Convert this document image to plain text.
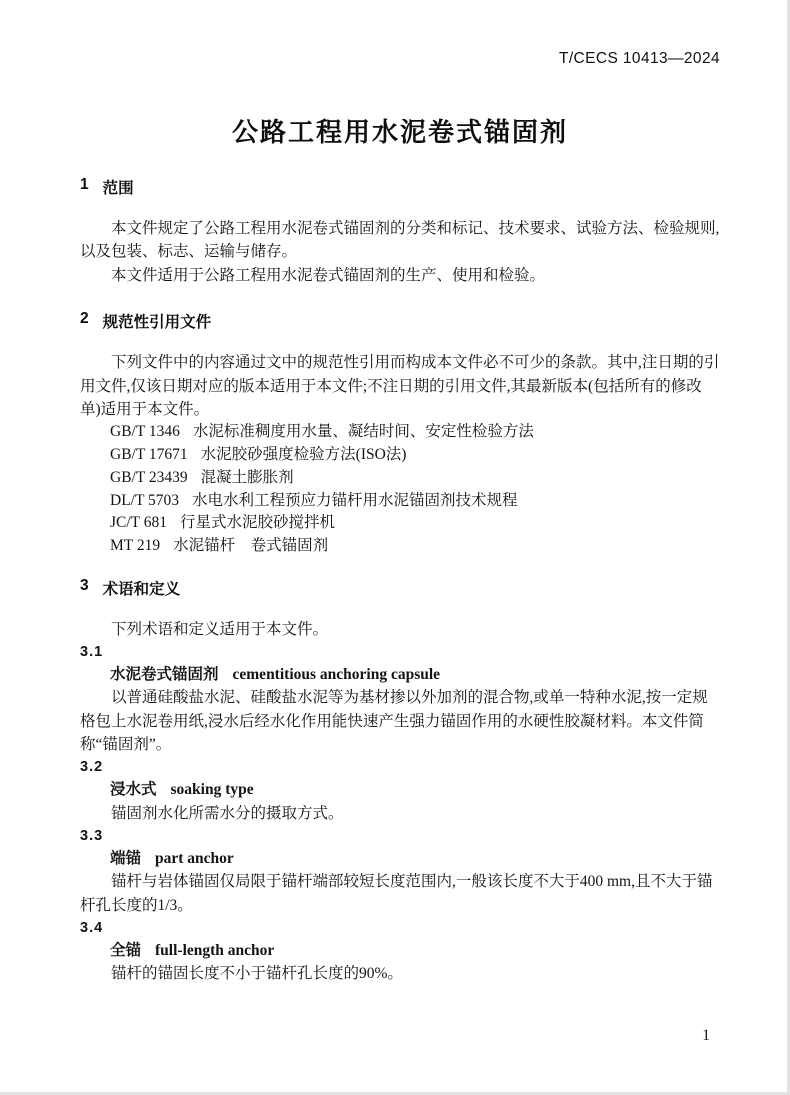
T/CECS 10413—2024
公路工程用水泥卷式锚固剂
1 范围

本文件规定了公路工程用水泥卷式锚固剂的分类和标记、技术要求、试验方法、检验规则,以及包装、标志、运输与储存。

本文件适用于公路工程用水泥卷式锚固剂的生产、使用和检验。

2 规范性引用文件

下列文件中的内容通过文中的规范性引用而构成本文件必不可少的条款。其中,注日期的引用文件,仅该日期对应的版本适用于本文件;不注日期的引用文件,其最新版本(包括所有的修改单)适用于本文件。

GB/T 1346 水泥标准稠度用水量、凝结时间、安定性检验方法
GB/T 17671 水泥胶砂强度检验方法(ISO法)
GB/T 23439 混凝土膨胀剂
DL/T 5703 水电水利工程预应力锚杆用水泥锚固剂技术规程
JC/T 681 行星式水泥胶砂搅拌机
MT 219 水泥锚杆　卷式锚固剂
3 术语和定义

下列术语和定义适用于本文件。

3.1
水泥卷式锚固剂 cementitious anchoring capsule

以普通硅酸盐水泥、硅酸盐水泥等为基材掺以外加剂的混合物,或单一特种水泥,按一定规格包上水泥卷用纸,浸水后经水化作用能快速产生强力锚固作用的水硬性胶凝材料。本文件简称“锚固剂”。

3.2
浸水式 soaking type

锚固剂水化所需水分的摄取方式。

3.3
端锚 part anchor

锚杆与岩体锚固仅局限于锚杆端部较短长度范围内,一般该长度不大于400 mm,且不大于锚杆孔长度的1/3。

3.4
全锚 full-length anchor

锚杆的锚固长度不小于锚杆孔长度的90%。

1
